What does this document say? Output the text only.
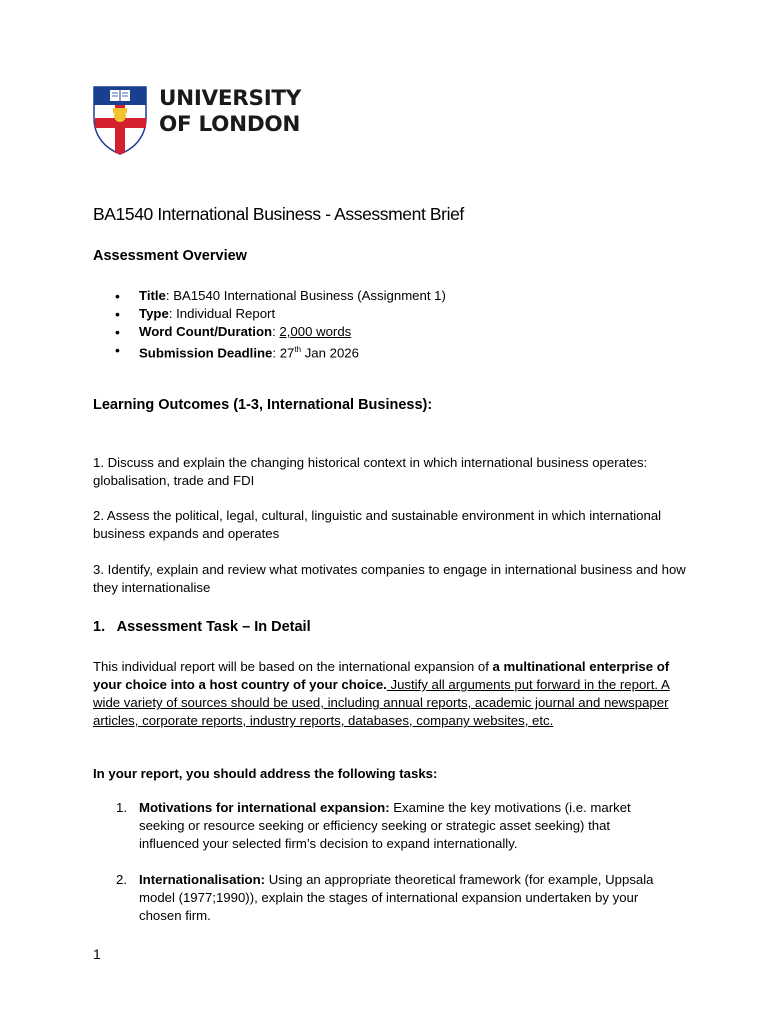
UNIVERSITY
OF LONDON
BA1540 International Business - Assessment Brief
Assessment Overview
• Title: BA1540 International Business (Assignment 1)
• Type: Individual Report
• Word Count/Duration: 2,000 words
• Submission Deadline: 27th Jan 2026
Learning Outcomes (1-3, International Business):
1. Discuss and explain the changing historical context in which international business operates: globalisation, trade and FDI
2. Assess the political, legal, cultural, linguistic and sustainable environment in which international business expands and operates
3. Identify, explain and review what motivates companies to engage in international business and how they internationalise
1.   Assessment Task – In Detail
This individual report will be based on the international expansion of a multinational enterprise of your choice into a host country of your choice. Justify all arguments put forward in the report. A wide variety of sources should be used, including annual reports, academic journal and newspaper articles, corporate reports, industry reports, databases, company websites, etc.
In your report, you should address the following tasks:
1. Motivations for international expansion: Examine the key motivations (i.e. market seeking or resource seeking or efficiency seeking or strategic asset seeking) that influenced your selected firm’s decision to expand internationally.
2. Internationalisation: Using an appropriate theoretical framework (for example, Uppsala model (1977;1990)), explain the stages of international expansion undertaken by your chosen firm.
1
